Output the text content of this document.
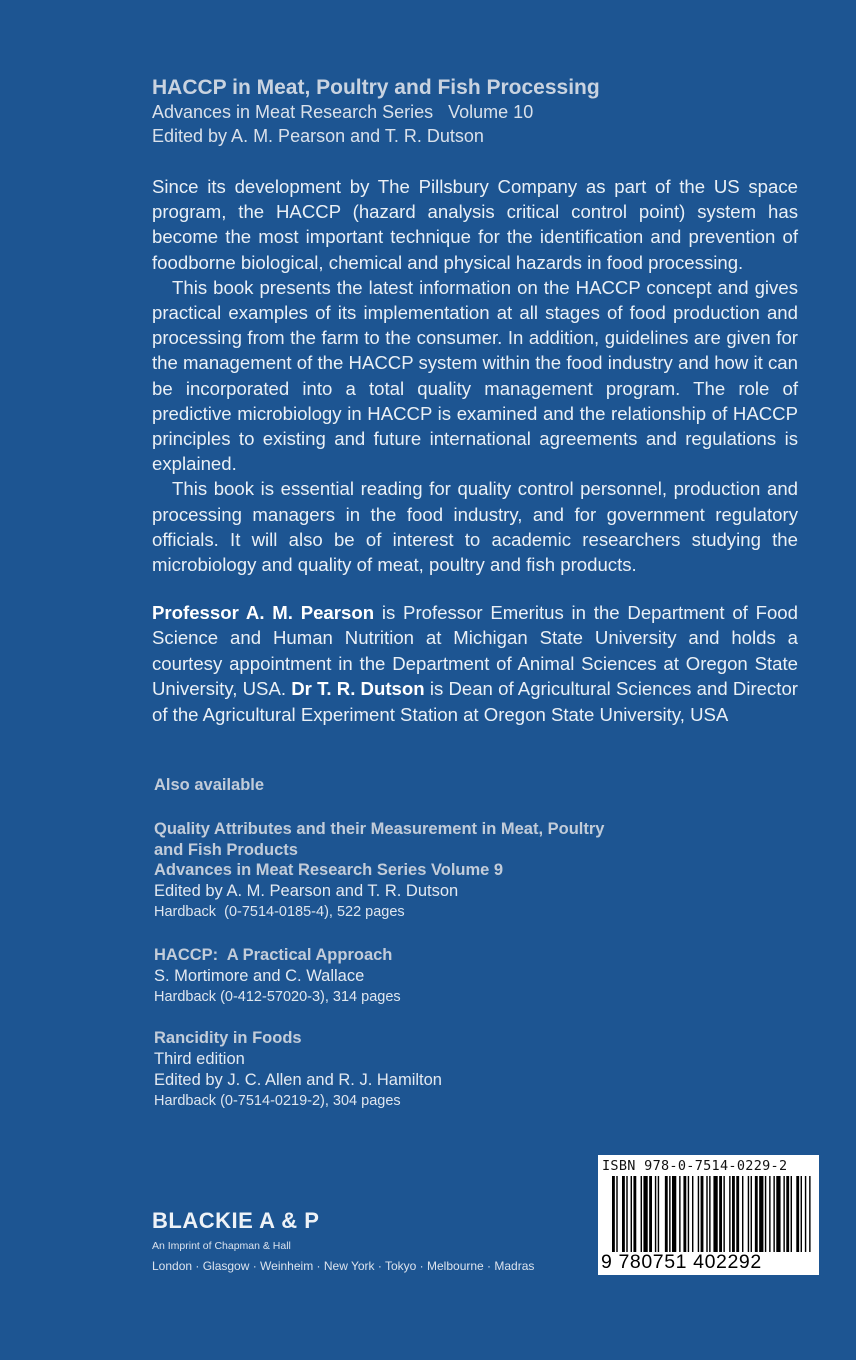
HACCP in Meat, Poultry and Fish Processing

Advances in Meat Research Series   Volume 10

Edited by A. M. Pearson and T. R. Dutson

Since its development by The Pillsbury Company as part of the US space program, the HACCP (hazard analysis critical control point) system has become the most important technique for the identification and prevention of foodborne biological, chemical and physical hazards in food processing.

This book presents the latest information on the HACCP concept and gives practical examples of its implementation at all stages of food production and processing from the farm to the consumer. In addition, guidelines are given for the management of the HACCP system within the food industry and how it can be incorporated into a total quality management program. The role of predictive microbiology in HACCP is examined and the relationship of HACCP principles to existing and future international agreements and regulations is explained.

This book is essential reading for quality control personnel, production and processing managers in the food industry, and for government regulatory officials. It will also be of interest to academic researchers studying the microbiology and quality of meat, poultry and fish products.

Professor A. M. Pearson is Professor Emeritus in the Department of Food Science and Human Nutrition at Michigan State University and holds a courtesy appointment in the Department of Animal Sciences at Oregon State University, USA. Dr T. R. Dutson is Dean of Agricultural Sciences and Director of the Agricultural Experiment Station at Oregon State University, USA

Also available
Quality Attributes and their Measurement in Meat, Poultry
and Fish Products
Advances in Meat Research Series Volume 9
Edited by A. M. Pearson and T. R. Dutson
Hardback  (0-7514-0185-4), 522 pages
HACCP:  A Practical Approach
S. Mortimore and C. Wallace
Hardback (0-412-57020-3), 314 pages
Rancidity in Foods
Third edition
Edited by J. C. Allen and R. J. Hamilton
Hardback (0-7514-0219-2), 304 pages
BLACKIE A & P
An Imprint of Chapman & Hall
London · Glasgow · Weinheim · New York · Tokyo · Melbourne · Madras
ISBN 978-0-7514-0229-2
9 780751 402292
